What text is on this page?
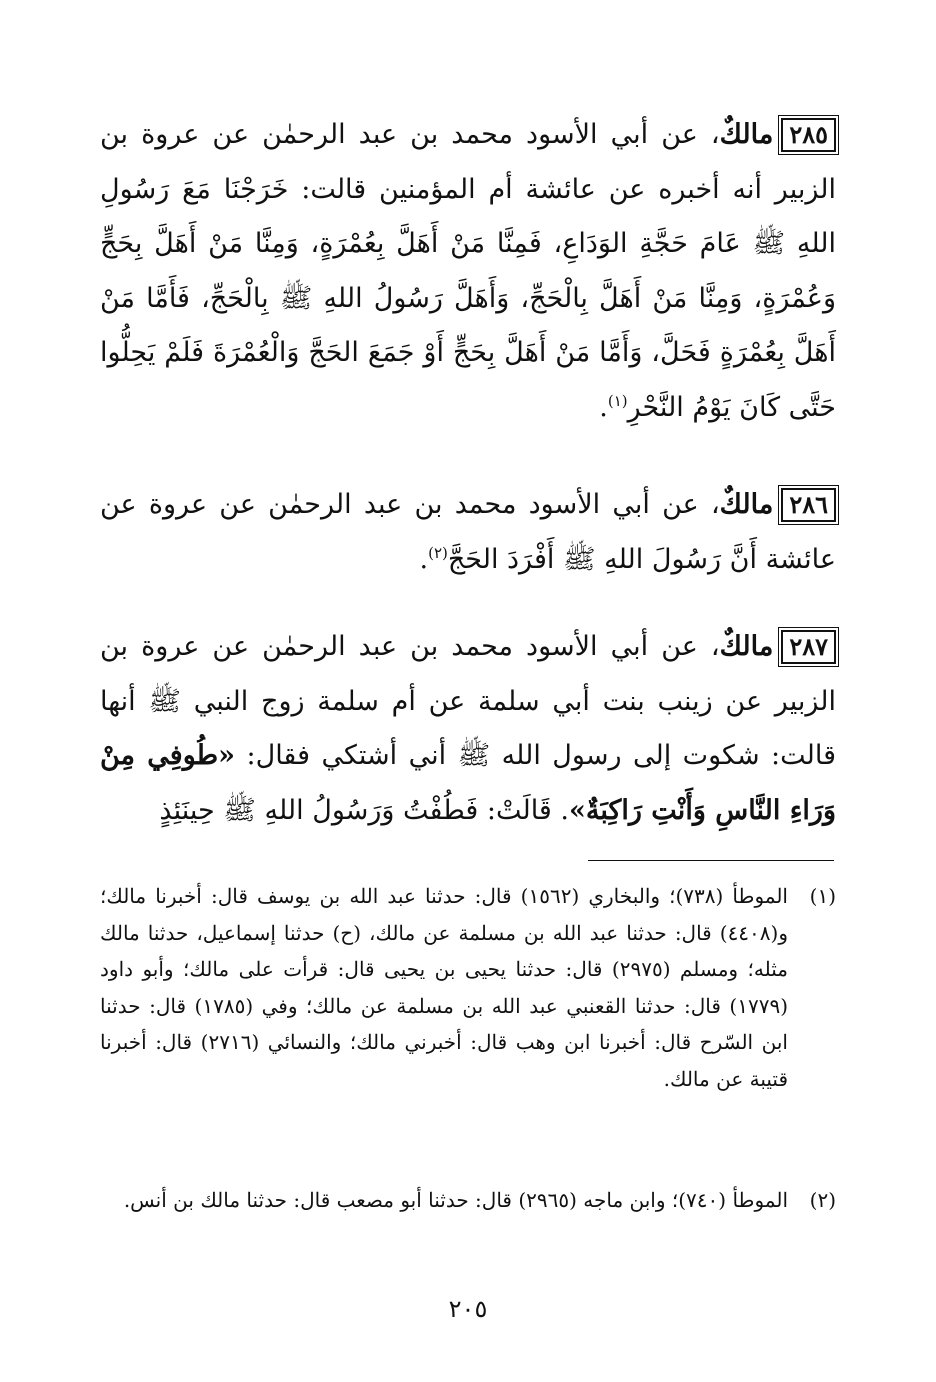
٢٨٥مالكٌ، عن أبي الأسود محمد بن عبد الرحمٰن عن عروة بن الزبير أنه أخبره عن عائشة أم المؤمنين قالت: خَرَجْنَا مَعَ رَسُولِ اللهِ ﷺ عَامَ حَجَّةِ الوَدَاعِ، فَمِنَّا مَنْ أَهَلَّ بِعُمْرَةٍ، وَمِنَّا مَنْ أَهَلَّ بِحَجٍّ وَعُمْرَةٍ، وَمِنَّا مَنْ أَهَلَّ بِالْحَجِّ، وَأَهَلَّ رَسُولُ اللهِ ﷺ بِالْحَجِّ، فَأَمَّا مَنْ أَهَلَّ بِعُمْرَةٍ فَحَلَّ، وَأَمَّا مَنْ أَهَلَّ بِحَجٍّ أَوْ جَمَعَ الحَجَّ وَالْعُمْرَةَ فَلَمْ يَحِلُّوا حَتَّى كَانَ يَوْمُ النَّحْرِ$^{(١)}$.
٢٨٦مالكٌ، عن أبي الأسود محمد بن عبد الرحمٰن عن عروة عن عائشة أَنَّ رَسُولَ اللهِ ﷺ أَفْرَدَ الحَجَّ$^{(٢)}$.
٢٨٧مالكٌ، عن أبي الأسود محمد بن عبد الرحمٰن عن عروة بن الزبير عن زينب بنت أبي سلمة عن أم سلمة زوج النبي ﷺ أنها قالت: شكوت إلى رسول الله ﷺ أني أشتكي فقال: «طُوفِي مِنْ وَرَاءِ النَّاسِ وَأَنْتِ رَاكِبَةٌ». قَالَتْ: فَطُفْتُ وَرَسُولُ اللهِ ﷺ حِينَئِذٍ
(١)
الموطأ (٧٣٨)؛ والبخاري (١٥٦٢) قال: حدثنا عبد الله بن يوسف قال: أخبرنا مالك؛ و(٤٤٠٨) قال: حدثنا عبد الله بن مسلمة عن مالك، (ح) حدثنا إسماعيل، حدثنا مالك مثله؛ ومسلم (٢٩٧٥) قال: حدثنا يحيى بن يحيى قال: قرأت على مالك؛ وأبو داود (١٧٧٩) قال: حدثنا القعنبي عبد الله بن مسلمة عن مالك؛ وفي (١٧٨٥) قال: حدثنا ابن السّرح قال: أخبرنا ابن وهب قال: أخبرني مالك؛ والنسائي (٢٧١٦) قال: أخبرنا قتيبة عن مالك.
(٢)
الموطأ (٧٤٠)؛ وابن ماجه (٢٩٦٥) قال: حدثنا أبو مصعب قال: حدثنا مالك بن أنس.
٢٠٥
